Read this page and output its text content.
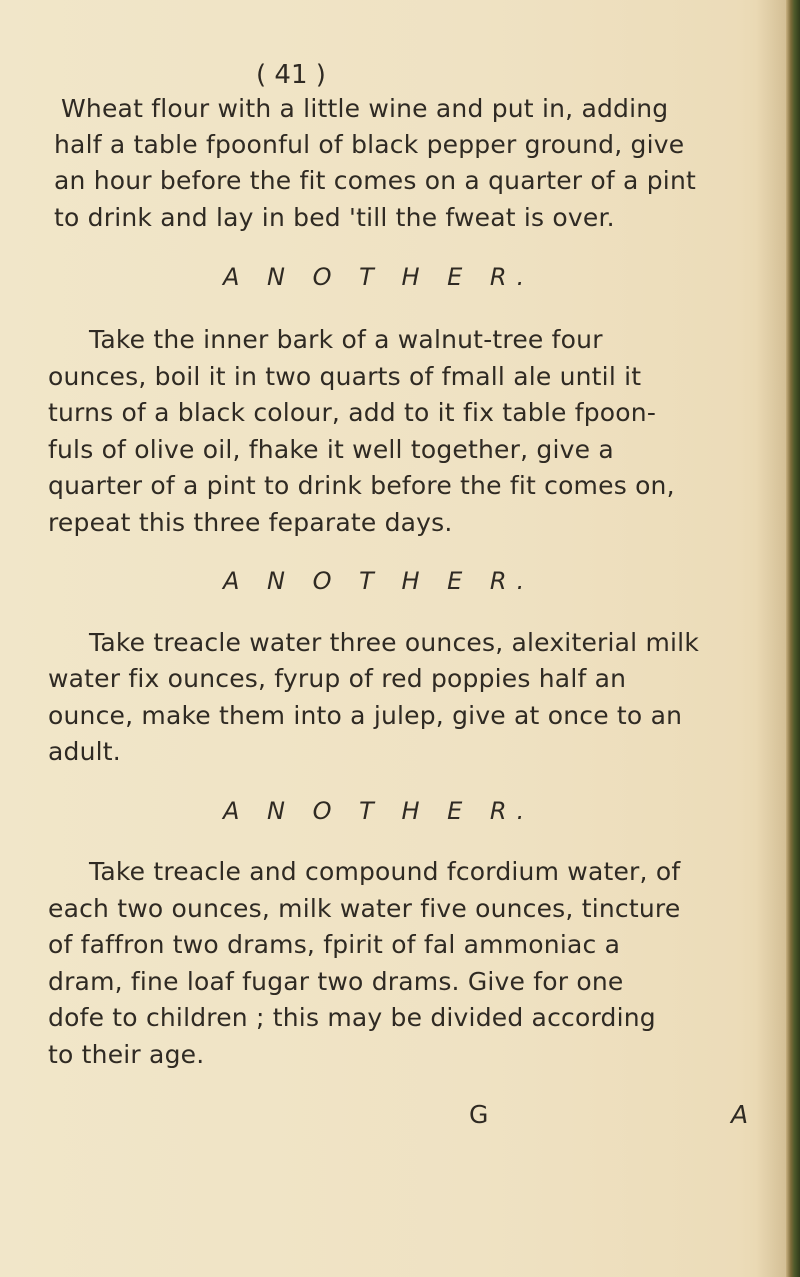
( 41 )
Wheat flour with a little wine and put in, adding
half a table fpoonful of black pepper ground, give
an hour before the fit comes on a quarter of a pint
to drink and lay in bed 'till the fweat is over.
A N O T H E R.
Take the inner bark of a walnut-tree four
ounces, boil it in two quarts of fmall ale until it
turns of a black colour, add to it fix table fpoon-
fuls of olive oil, fhake it well together, give a
quarter of a pint to drink before the fit comes on,
repeat this three feparate days.
A N O T H E R.
Take treacle water three ounces, alexiterial milk
water fix ounces, fyrup of red poppies half an
ounce, make them into a julep, give at once to an
adult.
A N O T H E R.
Take treacle and compound fcordium water, of
each two ounces, milk water five ounces, tincture
of faffron two drams, fpirit of fal ammoniac a
dram, fine loaf fugar two drams. Give for one
dofe to children ; this may be divided according
to their age.
G	A
